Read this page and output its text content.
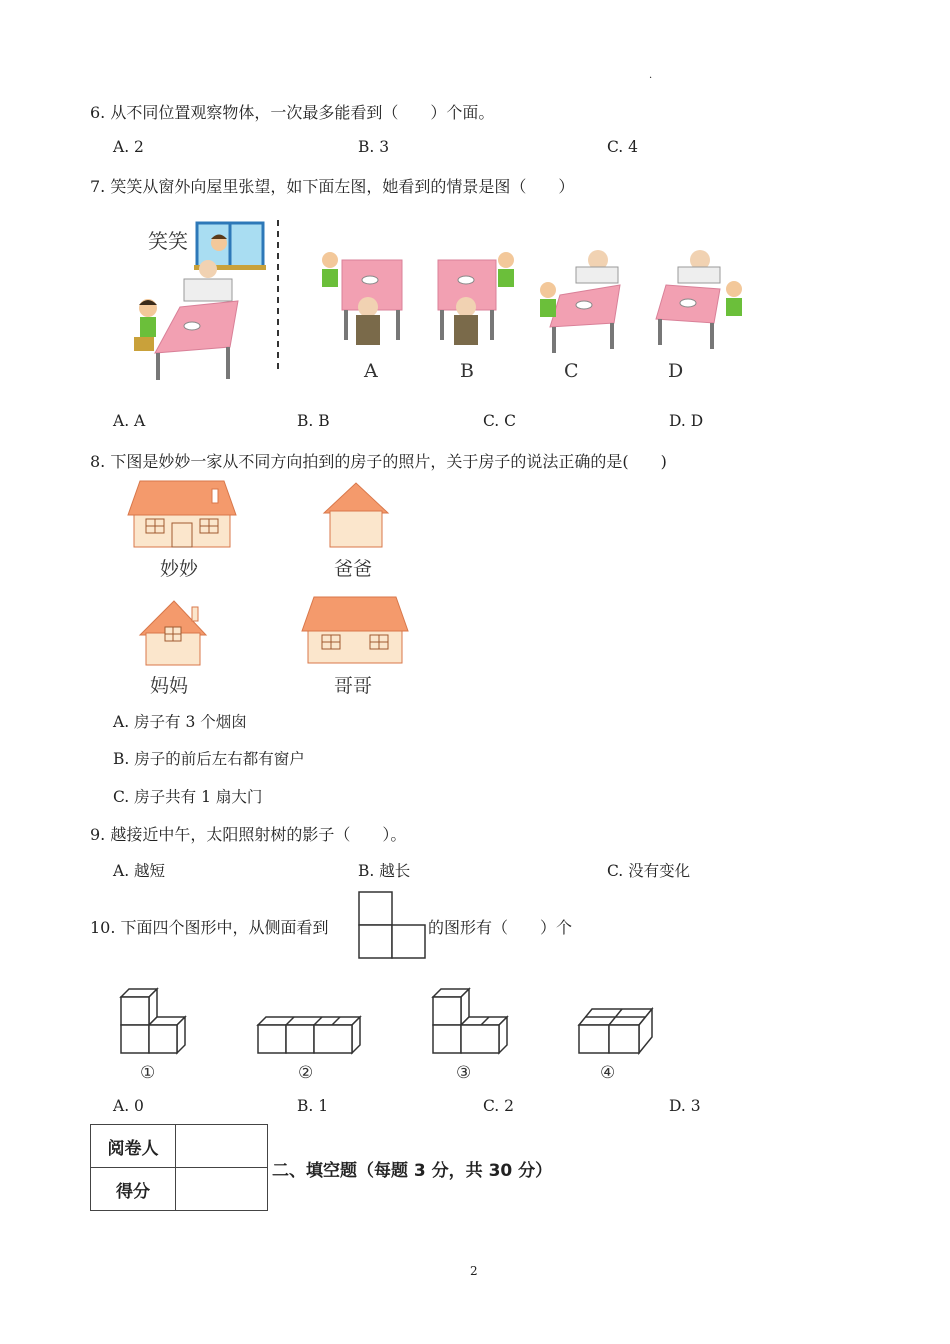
.
6. 从不同位置观察物体，一次最多能看到（　　）个面。
A. 2	B. 3	C. 4
7. 笑笑从窗外向屋里张望，如下面左图，她看到的情景是图（　　）
笑笑
A	B	C	D
A. A	B. B	C. C	D. D
8. 下图是妙妙一家从不同方向拍到的房子的照片，关于房子的说法正确的是(　　)
妙妙	爸爸
妈妈	哥哥
A. 房子有 3 个烟囱
B. 房子的前后左右都有窗户
C. 房子共有 1 扇大门
9. 越接近中午，太阳照射树的影子（　　）。
A. 越短	B. 越长	C. 没有变化
10. 下面四个图形中，从侧面看到	的图形有（　　）个
①	②	③	④
A. 0	B. 1	C. 2	D. 3
阅卷人	
得分	
二、填空题（每题 3 分，共 30 分）
2
